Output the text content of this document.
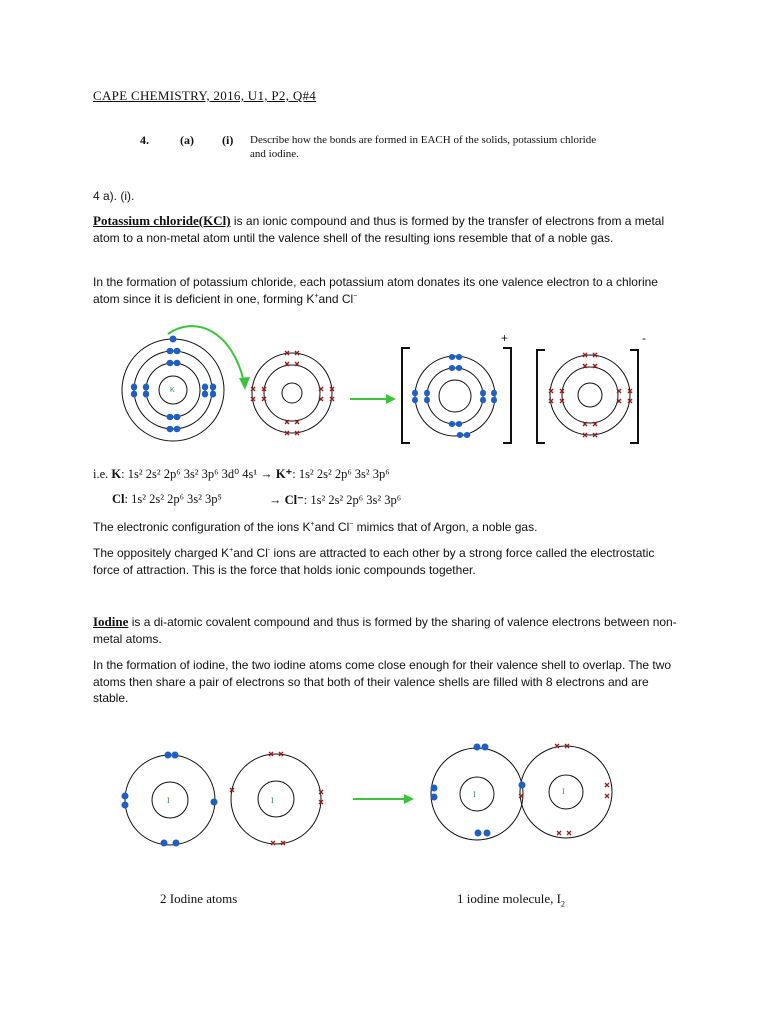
CAPE CHEMISTRY, 2016, U1, P2, Q#4
4.	(a) (i) Describe how the bonds are formed in EACH of the solids, potassium chloride
and iodine.
4 a). (i).
Potassium chloride(KCl) is an ionic compound and thus is formed by the transfer of electrons from a metal atom to a non-metal atom until the valence shell of the resulting ions resemble that of a noble gas.
In the formation of potassium chloride, each potassium atom donates its one valence electron to a chlorine atom since it is deficient in one, forming K+and Cl−
K
+	-
i.e. K: 1s² 2s² 2p⁶ 3s² 3p⁶ 3d⁰ 4s¹ → K⁺: 1s² 2s² 2p⁶ 3s² 3p⁶
Cl: 1s² 2s² 2p⁶ 3s² 3p⁵	→ Cl⁻: 1s² 2s² 2p⁶ 3s² 3p⁶
The electronic configuration of the ions K+and Cl− mimics that of Argon, a noble gas.
The oppositely charged K+and Cl- ions are attracted to each other by a strong force called the electrostatic force of attraction. This is the force that holds ionic compounds together.
Iodine is a di-atomic covalent compound and thus is formed by the sharing of valence electrons between non-metal atoms.
In the formation of iodine, the two iodine atoms come close enough for their valence shell to overlap. The two atoms then share a pair of electrons so that both of their valence shells are filled with 8 electrons and are stable.
I	I
I	I
2 Iodine atoms	1 iodine molecule, $I_2$
